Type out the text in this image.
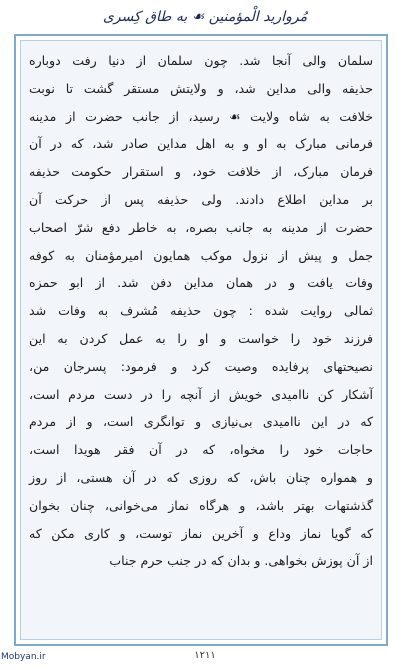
مُرواريد الْمؤمنين ☙ به طاق كِسرى
سلمان والی آنجا شد. چون سلمان از دنیا رفت دوباره
حذیفه والی مداین شد، و ولایتش مستقر گشت تا نوبت
خلافت به شاه ولایت ☙ رسید، از جانب حضرت از مدینه
فرمانی مبارک به او و به اهل مداین صادر شد، که در آن
فرمان مبارک، از خلافت خود، و استقرار حکومت حذیفه
بر مداین اطلاع دادند. ولی حذیفه پس از حرکت آن
حضرت از مدینه به جانب بصره، به خاطر دفع شرّ اصحاب
جمل و پیش از نزول موکب همایون امیرمؤمنان به کوفه
وفات یافت و در همان مداین دفن شد. از ابو حمزه
ثمالی روایت شده : چون حذیفه مُشرف به وفات شد
فرزند خود را خواست و او را به عمل کردن به این
نصیحتهای پرفایده وصیت کرد و فرمود: پسرجان من،
آشکار کن ناامیدی خویش از آنچه را در دست مردم است،
که در این ناامیدی بی‌نیازی و توانگری است، و از مردم
حاجات خود را مخواه، که در آن فقر هویدا است،
و همواره چنان باش، که روزی که در آن هستی، از روز
گذشتهات بهتر باشد، و هرگاه نماز می‌خوانی، چنان بخوان
که گویا نماز وداع و آخرین نماز توست، و کاری مکن که
از آن پوزش بخواهی. و بدان که در جنب حرم جناب
Mobyan.ir	۱۲۱۱
